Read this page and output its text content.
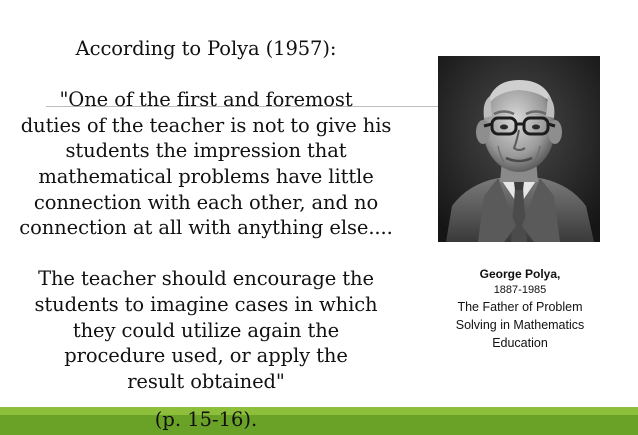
According to Polya (1957):
"One of the first and foremost
duties of the teacher is not to give his
students the impression that
mathematical problems have little
connection with each other, and no
connection at all with anything else....
The teacher should encourage the
students to imagine cases in which
they could utilize again the
procedure used, or apply the
result obtained"
George Polya,
1887-1985
The Father of Problem
Solving in Mathematics
Education
(p. 15-16).
